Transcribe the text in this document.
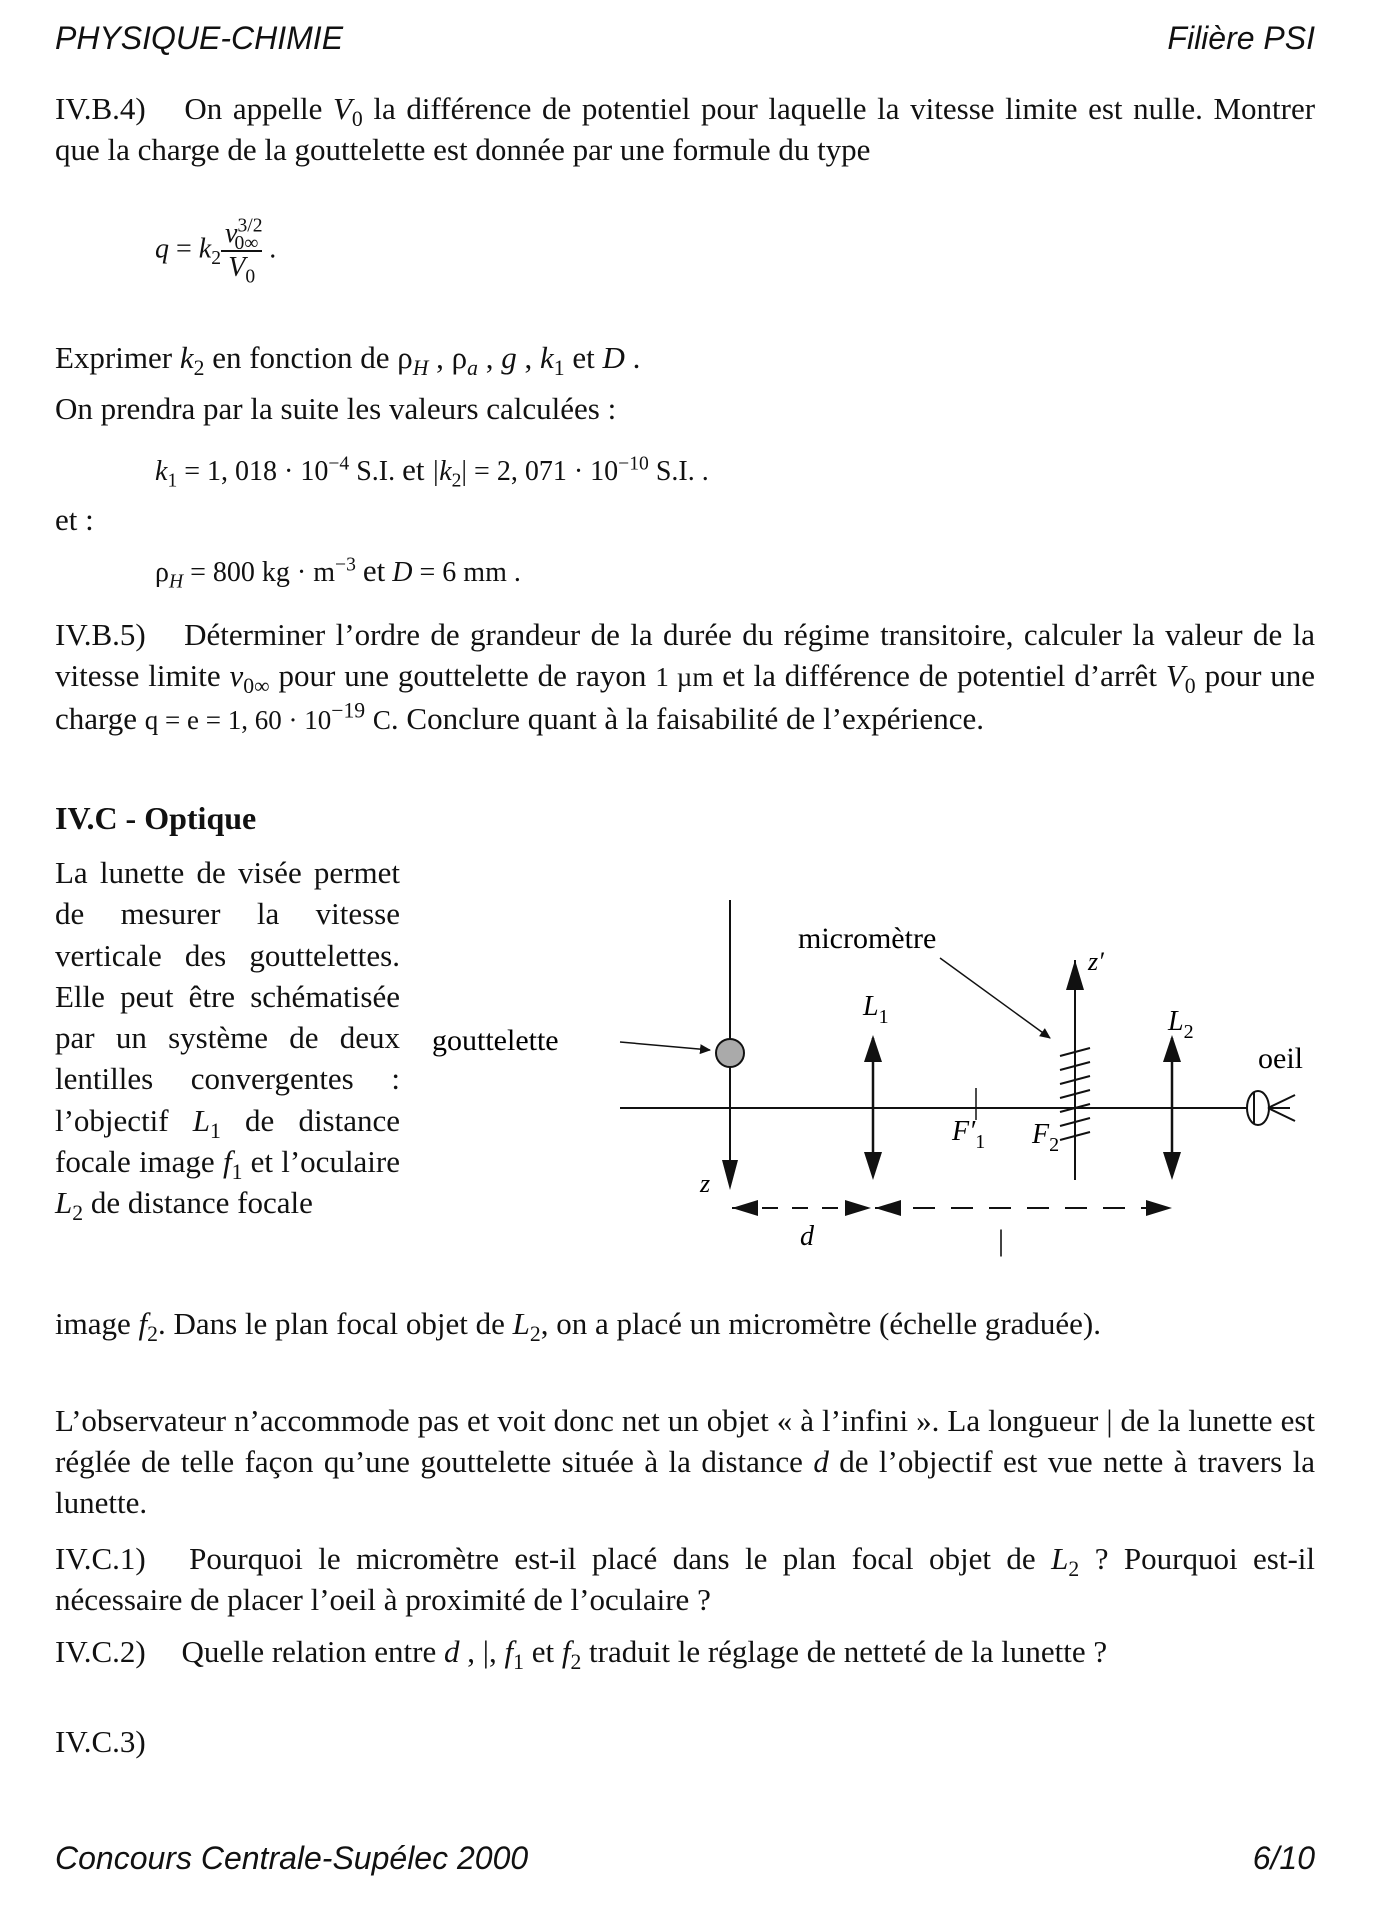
PHYSIQUE-CHIMIE	Filière PSI
IV.B.4) On appelle $V_0$ la différence de potentiel pour laquelle la vitesse limite est nulle. Montrer que la charge de la gouttelette est donnée par une formule du type
$q = k_2 \frac{v^{3/2}_{0\infty}}{V_0}$ .
Exprimer $k_2$ en fonction de $\rho_H$ , $\rho_a$ , g , $k_1$ et D .
On prendra par la suite les valeurs calculées :
$k_1 = 1$, $018 \cdot 10^{-4}$ S.I. et $|k_2| = 2$, $071 \cdot 10^{-10}$ S.I. .
et :
$\rho_H = 800$ kg · $m^{-3}$ et D = 6 mm .
IV.B.5) Déterminer l’ordre de grandeur de la durée du régime transitoire, calculer la valeur de la vitesse limite $v_{0\infty}$ pour une gouttelette de rayon 1 µm et la différence de potentiel d’arrêt $V_0$ pour une charge q = e = 1, $60 \cdot 10^{-19}$ C. Conclure quant à la faisabilité de l’expérience.
IV.C - Optique
La lunette de visée permet de mesurer la vitesse verticale des gouttelettes. Elle peut être schématisée par un système de deux lentilles convergentes : l’objectif $L_1$ de distance focale image $f_1$ et l’oculaire $L_2$ de distance focale
z
gouttelette
$L_1$
$F'_1$
z′
micromètre
$F_2$
$L_2$
oeil
d	|
image $f_2$. Dans le plan focal objet de $L_2$, on a placé un micromètre (échelle graduée).
L’observateur n’accommode pas et voit donc net un objet « à l’infini ». La longueur | de la lunette est réglée de telle façon qu’une gouttelette située à la distance d de l’objectif est vue nette à travers la lunette.
IV.C.1) Pourquoi le micromètre est-il placé dans le plan focal objet de $L_2$ ? Pourquoi est-il nécessaire de placer l’oeil à proximité de l’oculaire ?
IV.C.2) Quelle relation entre d , |, $f_1$ et $f_2$ traduit le réglage de netteté de la lunette ?
IV.C.3)
Concours Centrale-Supélec 2000	6/10
